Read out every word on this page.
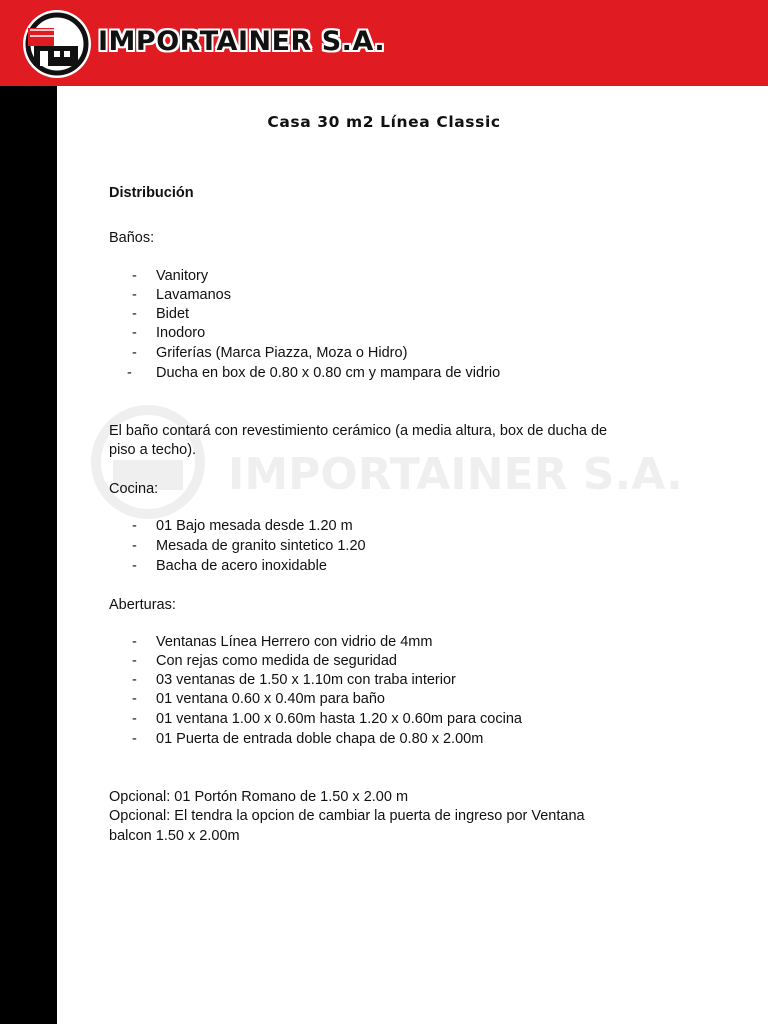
IMPORTAINER S.A.
IMPORTAINER S.A.
Casa 30 m2 Línea Classic
Distribución
Baños:
- Vanitory
- Lavamanos
- Bidet
- Inodoro
- Griferías (Marca Piazza, Moza o Hidro)
- Ducha en box de 0.80 x 0.80 cm y mampara de vidrio
El baño contará con revestimiento cerámico (a media altura, box de ducha de
piso a techo).
Cocina:
- 01 Bajo mesada desde 1.20 m
- Mesada de granito sintetico 1.20
- Bacha de acero inoxidable
Aberturas:
- Ventanas Línea Herrero con vidrio de 4mm
- Con rejas como medida de seguridad
- 03 ventanas de 1.50 x 1.10m con traba interior
- 01 ventana 0.60 x 0.40m para baño
- 01 ventana 1.00 x 0.60m hasta 1.20 x 0.60m para cocina
- 01 Puerta de entrada doble chapa de 0.80 x 2.00m
Opcional: 01 Portón Romano de 1.50 x 2.00 m
Opcional: El tendra la opcion de cambiar la puerta de ingreso por Ventana
balcon 1.50 x 2.00m
